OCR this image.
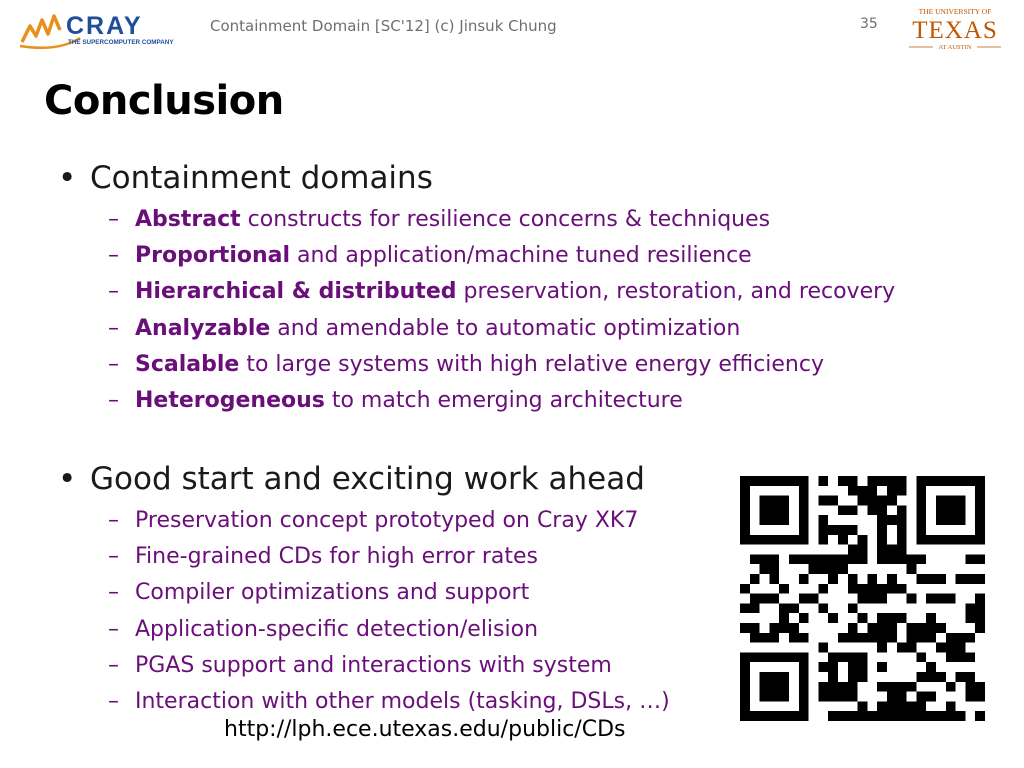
CRAY
THE SUPERCOMPUTER COMPANY
Containment Domain [SC'12] (c) Jinsuk Chung	35
THE UNIVERSITY OF
TEXAS
AT AUSTIN
Conclusion
• Containment domains
– Abstract constructs for resilience concerns & techniques
– Proportional and application/machine tuned resilience
– Hierarchical & distributed preservation, restoration, and recovery
– Analyzable and amendable to automatic optimization
– Scalable to large systems with high relative energy efficiency
– Heterogeneous to match emerging architecture
• Good start and exciting work ahead
– Preservation concept prototyped on Cray XK7
– Fine-grained CDs for high error rates
– Compiler optimizations and support
– Application-specific detection/elision
– PGAS support and interactions with system
– Interaction with other models (tasking, DSLs, …)
http://lph.ece.utexas.edu/public/CDs
